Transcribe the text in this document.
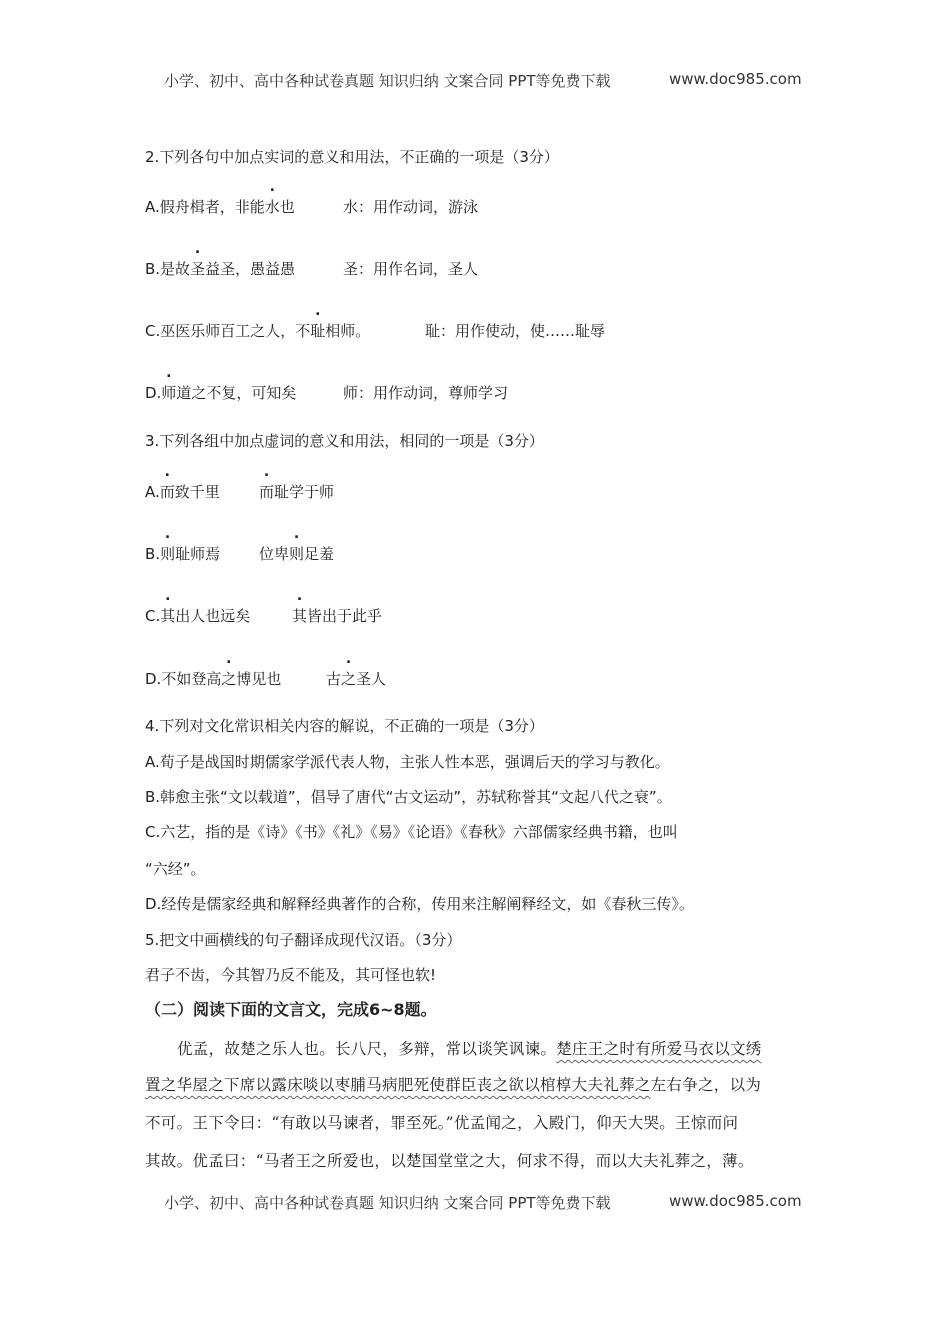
小学、初中、高中各种试卷真题 知识归纳 文案合同 PPT等免费下载	www.doc985.com
2.下列各句中加点实词的意义和用法，不正确的一项是（3分）
A.假舟楫者，非能水也	水：用作动词，游泳
B.是故圣益圣，愚益愚	圣：用作名词，圣人
C.巫医乐师百工之人，不耻相师。	耻：用作使动，使……耻辱
D.师道之不复，可知矣	师：用作动词，尊师学习
3.下列各组中加点虚词的意义和用法，相同的一项是（3分）
A.而致千里	而耻学于师
B.则耻师焉	位卑则足羞
C.其出人也远矣	其皆出于此乎
D.不如登高之博见也	古之圣人
4.下列对文化常识相关内容的解说，不正确的一项是（3分）
A.荀子是战国时期儒家学派代表人物，主张人性本恶，强调后天的学习与教化。
B.韩愈主张“文以载道”，倡导了唐代“古文运动”，苏轼称誉其“文起八代之衰”。
C.六艺，指的是《诗》《书》《礼》《易》《论语》《春秋》六部儒家经典书籍，也叫
“六经”。
D.经传是儒家经典和解释经典著作的合称，传用来注解阐释经文，如《春秋三传》。
5.把文中画横线的句子翻译成现代汉语。（3分）
君子不齿，今其智乃反不能及，其可怪也软!
（二）阅读下面的文言文，完成6~8题。
优孟，故楚之乐人也。长八尺，多辩，常以谈笑讽谏。楚庄王之时有所爱马衣以文绣
置之华屋之下席以露床啖以枣脯马病肥死使群臣丧之欲以棺椁大夫礼葬之左右争之，以为
不可。王下令曰：“有敢以马谏者，罪至死。”优孟闻之，入殿门，仰天大哭。王惊而问
其故。优孟曰：“马者王之所爱也，以楚国堂堂之大，何求不得，而以大夫礼葬之，薄。
小学、初中、高中各种试卷真题 知识归纳 文案合同 PPT等免费下载	www.doc985.com
